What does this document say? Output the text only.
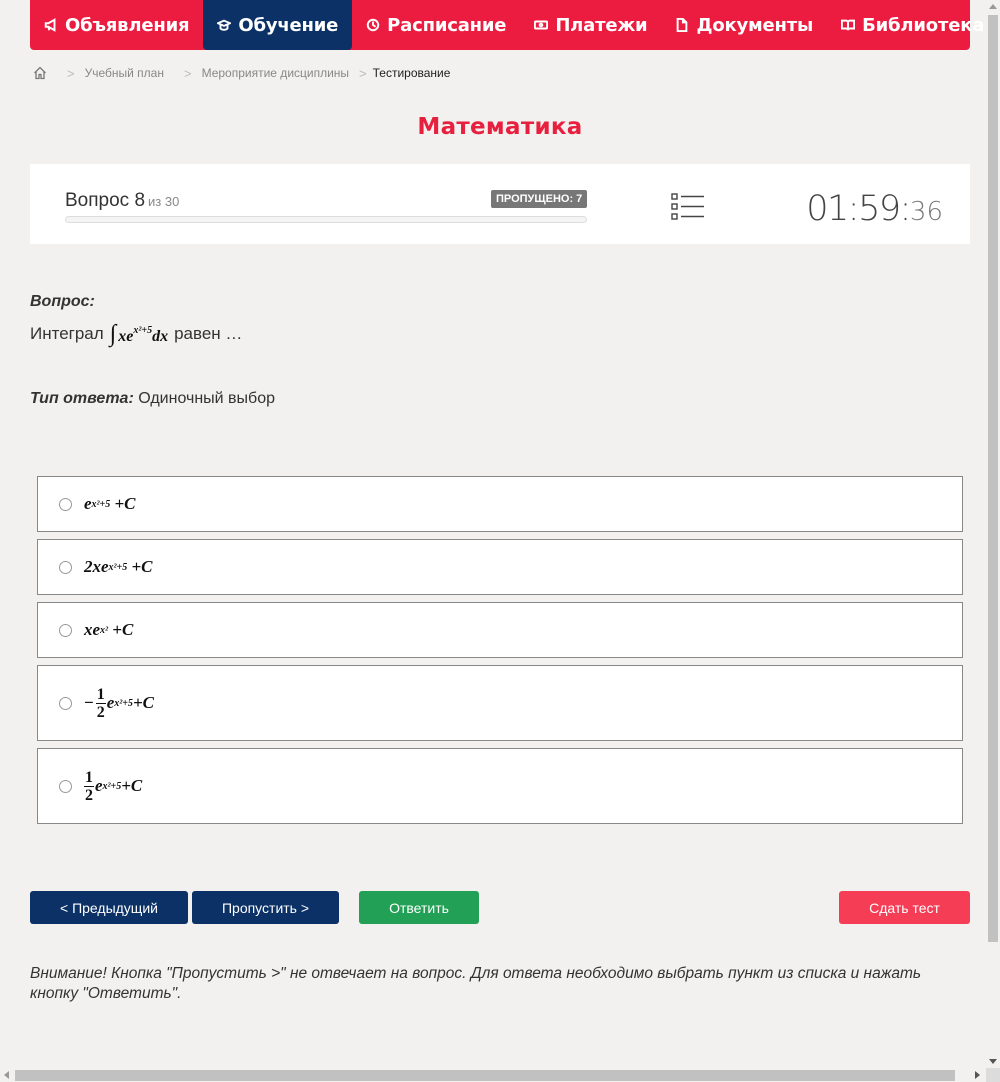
Объявления	Обучение	Расписание	Платежи	Документы	Библиотека
> Учебный план > Мероприятие дисциплины > Тестирование
Математика
Вопрос 8 из 30	ПРОПУЩЕНО: 7	01:59:36
Вопрос:
Интеграл ∫ $xe^{x^2+5}dx$ равен …
Тип ответа: Одиночный выбор
e x²+5 +C
2xe x²+5 +C
xe x² +C
− $\frac{1}{2}$ e x²+5 +C
$\frac{1}{2}$ e x²+5 +C
< Предыдущий	Пропустить >	Ответить	Сдать тест
Внимание! Кнопка "Пропустить >" не отвечает на вопрос. Для ответа необходимо выбрать пункт из списка и нажать кнопку "Ответить".
